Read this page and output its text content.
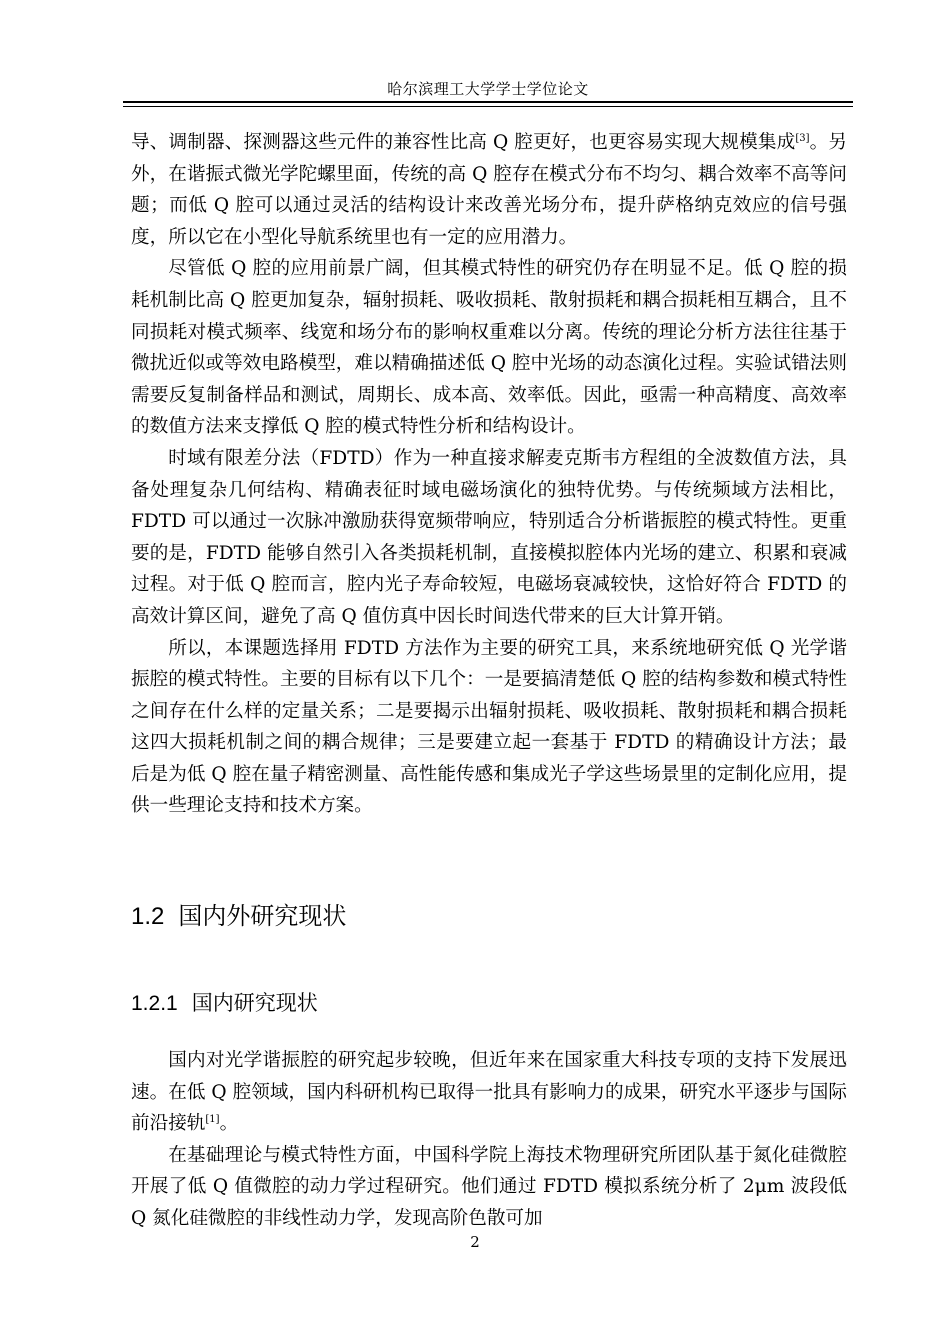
哈尔滨理工大学学士学位论文

导、调制器、探测器这些元件的兼容性比高 Q 腔更好，也更容易实现大规模集成[3]。另外，在谐振式微光学陀螺里面，传统的高 Q 腔存在模式分布不均匀、耦合效率不高等问题；而低 Q 腔可以通过灵活的结构设计来改善光场分布，提升萨格纳克效应的信号强度，所以它在小型化导航系统里也有一定的应用潜力。

尽管低 Q 腔的应用前景广阔，但其模式特性的研究仍存在明显不足。低 Q 腔的损耗机制比高 Q 腔更加复杂，辐射损耗、吸收损耗、散射损耗和耦合损耗相互耦合，且不同损耗对模式频率、线宽和场分布的影响权重难以分离。传统的理论分析方法往往基于微扰近似或等效电路模型，难以精确描述低 Q 腔中光场的动态演化过程。实验试错法则需要反复制备样品和测试，周期长、成本高、效率低。因此，亟需一种高精度、高效率的数值方法来支撑低 Q 腔的模式特性分析和结构设计。

时域有限差分法（FDTD）作为一种直接求解麦克斯韦方程组的全波数值方法，具备处理复杂几何结构、精确表征时域电磁场演化的独特优势。与传统频域方法相比，FDTD 可以通过一次脉冲激励获得宽频带响应，特别适合分析谐振腔的模式特性。更重要的是，FDTD 能够自然引入各类损耗机制，直接模拟腔体内光场的建立、积累和衰减过程。对于低 Q 腔而言，腔内光子寿命较短，电磁场衰减较快，这恰好符合 FDTD 的高效计算区间，避免了高 Q 值仿真中因长时间迭代带来的巨大计算开销。

所以，本课题选择用 FDTD 方法作为主要的研究工具，来系统地研究低 Q 光学谐振腔的模式特性。主要的目标有以下几个：一是要搞清楚低 Q 腔的结构参数和模式特性之间存在什么样的定量关系；二是要揭示出辐射损耗、吸收损耗、散射损耗和耦合损耗这四大损耗机制之间的耦合规律；三是要建立起一套基于 FDTD 的精确设计方法；最后是为低 Q 腔在量子精密测量、高性能传感和集成光子学这些场景里的定制化应用，提供一些理论支持和技术方案。

1.2 国内外研究现状
1.2.1 国内研究现状

国内对光学谐振腔的研究起步较晚，但近年来在国家重大科技专项的支持下发展迅速。在低 Q 腔领域，国内科研机构已取得一批具有影响力的成果，研究水平逐步与国际前沿接轨[1]。

在基础理论与模式特性方面，中国科学院上海技术物理研究所团队基于氮化硅微腔开展了低 Q 值微腔的动力学过程研究。他们通过 FDTD 模拟系统分析了 2μm 波段低 Q 氮化硅微腔的非线性动力学，发现高阶色散可加

2
